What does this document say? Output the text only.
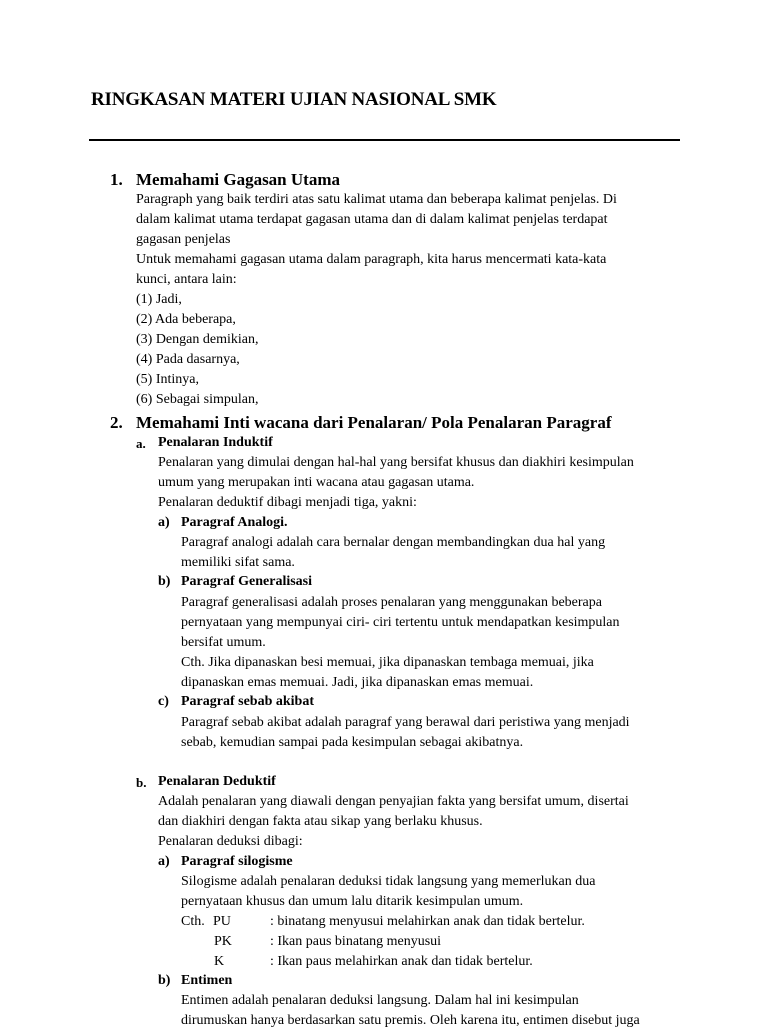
RINGKASAN MATERI UJIAN NASIONAL SMK
1. Memahami Gagasan Utama
Paragraph yang baik terdiri atas satu kalimat utama dan beberapa kalimat penjelas. Di
dalam kalimat utama terdapat gagasan utama dan di dalam kalimat penjelas terdapat
gagasan penjelas
Untuk memahami gagasan utama dalam paragraph, kita harus mencermati kata-kata
kunci, antara lain:
(1) Jadi,
(2) Ada beberapa,
(3) Dengan demikian,
(4) Pada dasarnya,
(5) Intinya,
(6) Sebagai simpulan,
2. Memahami Inti wacana dari Penalaran/ Pola Penalaran Paragraf
a. Penalaran Induktif
Penalaran yang dimulai dengan hal-hal yang bersifat khusus dan diakhiri kesimpulan
umum yang merupakan inti wacana atau gagasan utama.
Penalaran deduktif dibagi menjadi tiga, yakni:
a) Paragraf Analogi.
Paragraf analogi adalah cara bernalar dengan membandingkan dua hal yang
memiliki sifat sama.
b) Paragraf Generalisasi
Paragraf generalisasi adalah proses penalaran yang menggunakan beberapa
pernyataan yang mempunyai ciri- ciri tertentu untuk mendapatkan kesimpulan
bersifat umum.
Cth. Jika dipanaskan besi memuai, jika dipanaskan tembaga memuai, jika
dipanaskan emas memuai. Jadi, jika dipanaskan emas memuai.
c) Paragraf sebab akibat
Paragraf sebab akibat adalah paragraf yang berawal dari peristiwa yang menjadi
sebab, kemudian sampai pada kesimpulan sebagai akibatnya.
b. Penalaran Deduktif
Adalah penalaran yang diawali dengan penyajian fakta yang bersifat umum, disertai
dan diakhiri dengan fakta atau sikap yang berlaku khusus.
Penalaran deduksi dibagi:
a) Paragraf silogisme
Silogisme adalah penalaran deduksi tidak langsung yang memerlukan dua
pernyataan khusus dan umum lalu ditarik kesimpulan umum.
Cth. PU	: binatang menyusui melahirkan anak dan tidak bertelur.
PK	: Ikan paus binatang menyusui
K	: Ikan paus melahirkan anak dan tidak bertelur.
b) Entimen
Entimen adalah penalaran deduksi langsung. Dalam hal ini kesimpulan
dirumuskan hanya berdasarkan satu premis. Oleh karena itu, entimen disebut juga
